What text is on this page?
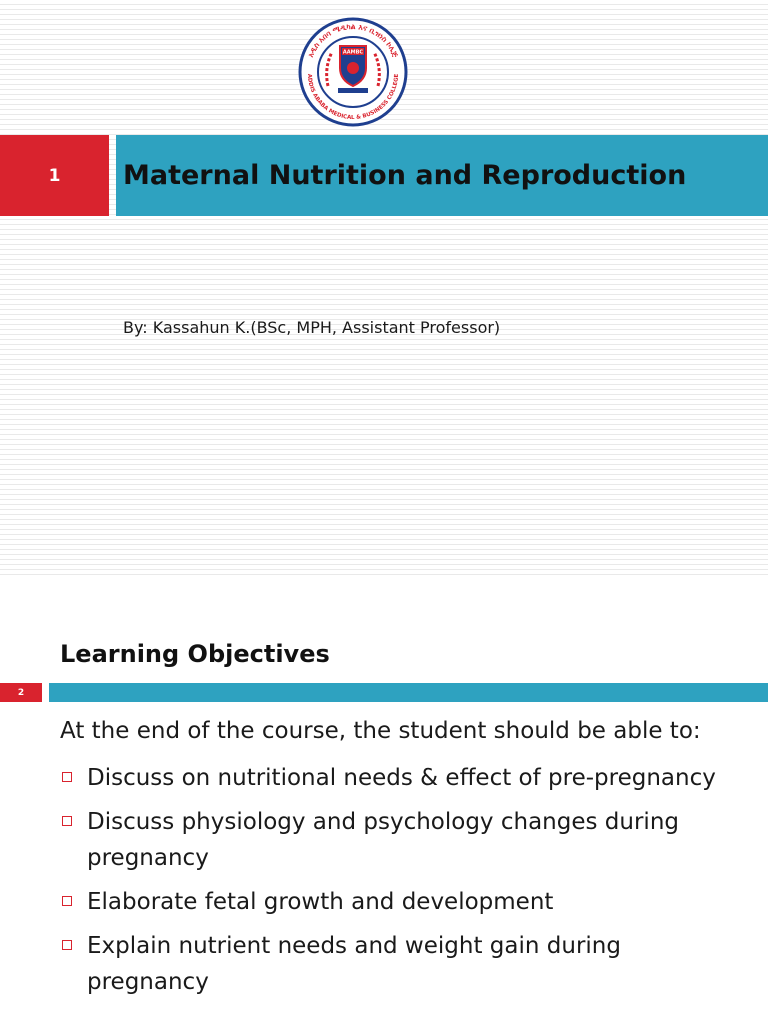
አዲስ አበባ ሜዲካል እና ቢዝነስ ኮሌጅ
ADDIS ABABA MEDICAL & BUSINESS COLLEGE
AAMBC
1 Maternal Nutrition and Reproduction
By: Kassahun K.(BSc, MPH, Assistant Professor)
Learning Objectives
2
At the end of the course, the student should be able to:
Discuss on nutritional needs & effect of pre-pregnancy
Discuss physiology and psychology changes during pregnancy
Elaborate fetal growth and development
Explain nutrient needs and weight gain during pregnancy
